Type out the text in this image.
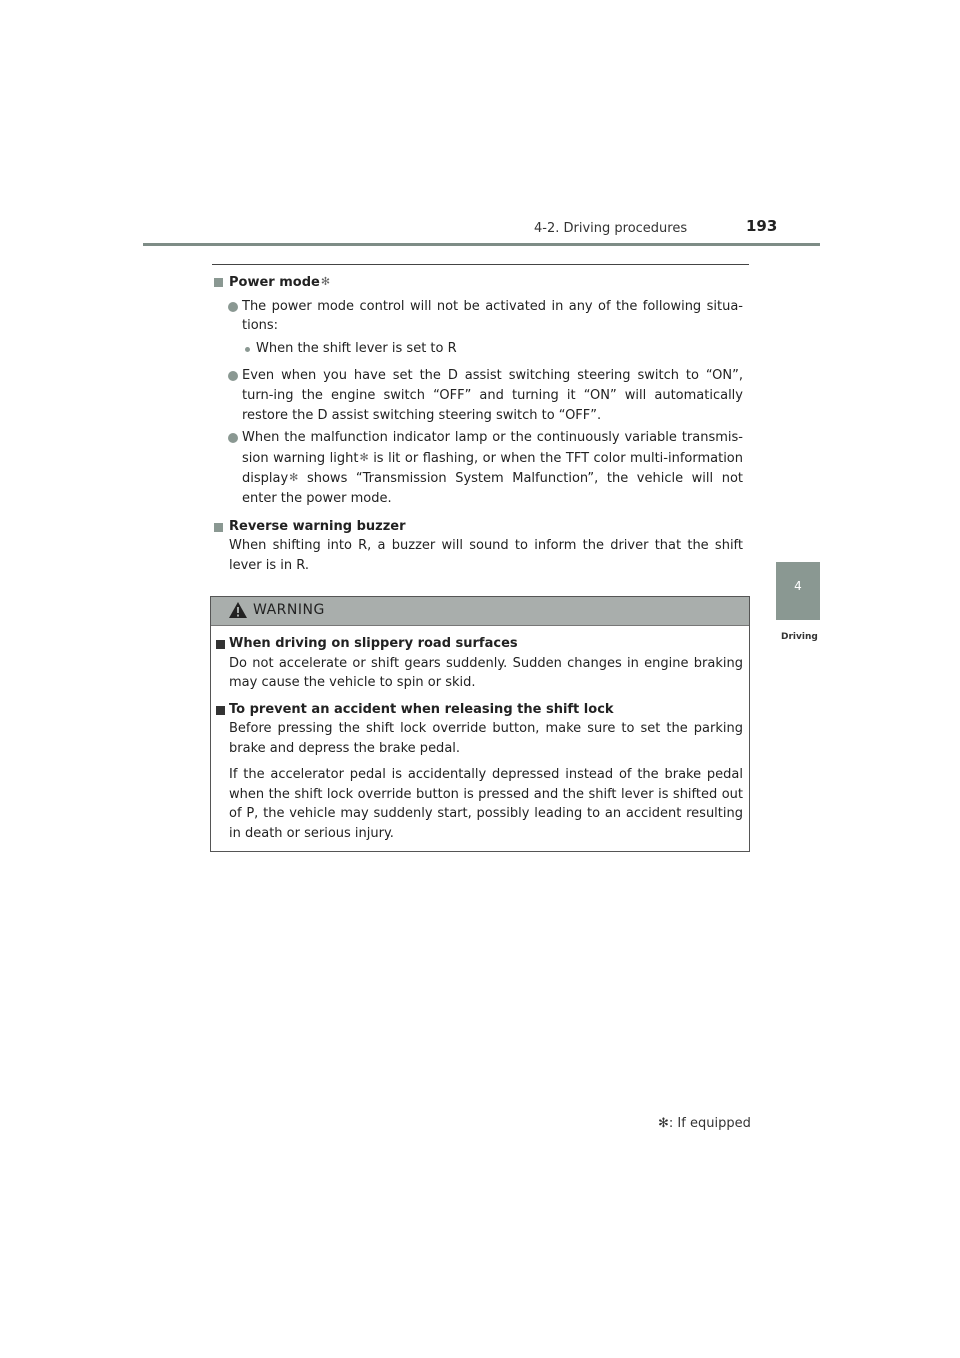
4-2. Driving procedures	193
4
Driving
Power mode✻
The power mode control will not be activated in any of the following situa-tions:
When the shift lever is set to R
Even when you have set the D assist switching steering switch to “ON”, turn-ing the engine switch “OFF” and turning it “ON” will automatically restore the D assist switching steering switch to “OFF”.
When the malfunction indicator lamp or the continuously variable transmis-sion warning light✻ is lit or flashing, or when the TFT color multi-information display✻ shows “Transmission System Malfunction”, the vehicle will not enter the power mode.
Reverse warning buzzer
When shifting into R, a buzzer will sound to inform the driver that the shift lever is in R.
WARNING
When driving on slippery road surfaces
Do not accelerate or shift gears suddenly. Sudden changes in engine braking may cause the vehicle to spin or skid.
To prevent an accident when releasing the shift lock
Before pressing the shift lock override button, make sure to set the parking brake and depress the brake pedal.
If the accelerator pedal is accidentally depressed instead of the brake pedal when the shift lock override button is pressed and the shift lever is shifted out of P, the vehicle may suddenly start, possibly leading to an accident resulting in death or serious injury.
✻: If equipped
